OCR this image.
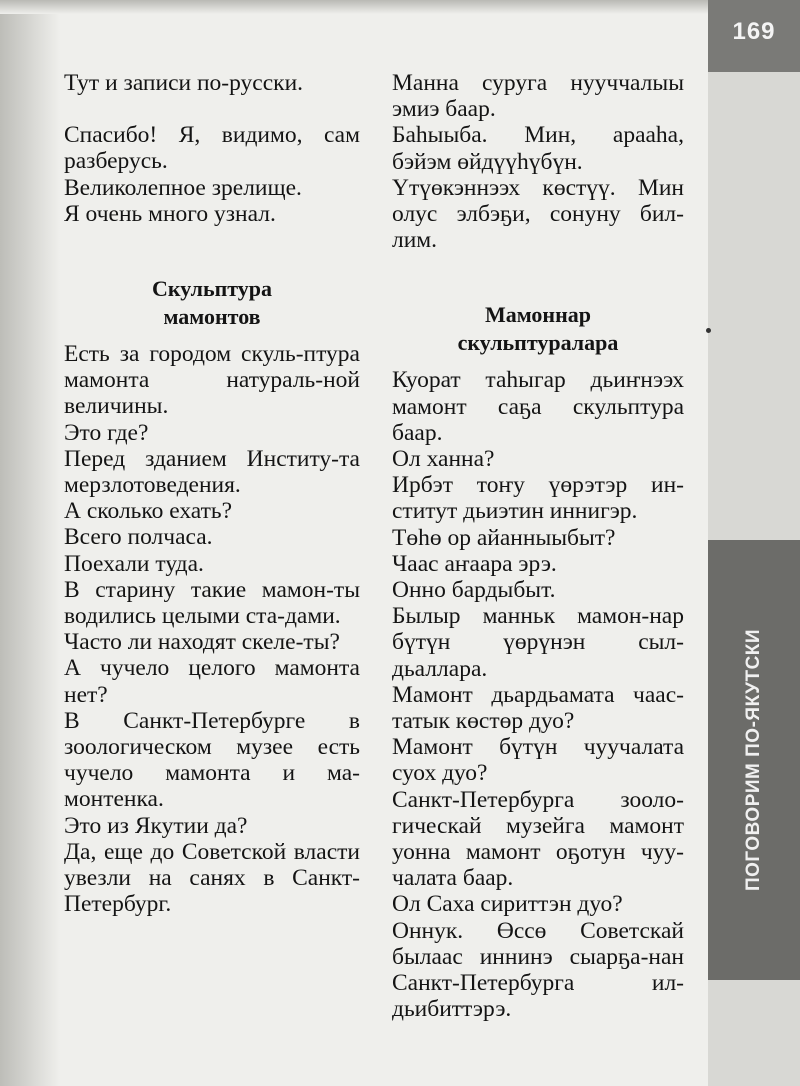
169
ПОГОВОРИМ ПО-ЯКУТСКИ

Тут и записи по-русски.

Спасибо! Я, видимо, сам разберусь.

Великолепное зрелище.

Я очень много узнал.

Скульптура
мамонтов

Есть за городом скуль-птура мамонта натураль-ной величины.

Это где?

Перед зданием Институ-та мерзлотоведения.

А сколько ехать?

Всего полчаса.

Поехали туда.

В старину такие мамон-ты водились целыми ста-дами.

Часто ли находят скеле-ты?

А чучело целого мамонта нет?

В Санкт-Петербурге в зоологическом музее есть чучело мамонта и ма-монтенка.

Это из Якутии да?

Да, еще до Советской власти увезли на санях в Санкт-Петербург.

Манна суруга нууччалыы эмиэ баар.

Баһыыба. Мин, арааһа, бэйэм өйдүүһүбүн.

Үтүөкэннээх көстүү. Мин олус элбэҕи, сонуну бил-лим.

Мамоннар
скульптуралара

Куорат таһыгар дьиҥнээх мамонт саҕа скульптура баар.

Ол ханна?

Ирбэт тоҥу үөрэтэр ин-ститут дьиэтин иннигэр.

Төһө ор айанныыбыт?

Чаас аҥаара эрэ.

Онно бардыбыт.

Былыр манньк мамон-нар бүтүн үөрүнэн сыл-дьаллара.

Мамонт дьардьамата чаас-татык көстөр дуо?

Мамонт бүтүн чуучалата суох дуо?

Санкт-Петербурга зооло-гическай музейга мамонт уонна мамонт оҕотун чуу-чалата баар.

Ол Саха сириттэн дуо?

Оннук. Өссө Советскай былаас иннинэ сыарҕа-нан Санкт-Петербурга ил-дьибиттэрэ.
